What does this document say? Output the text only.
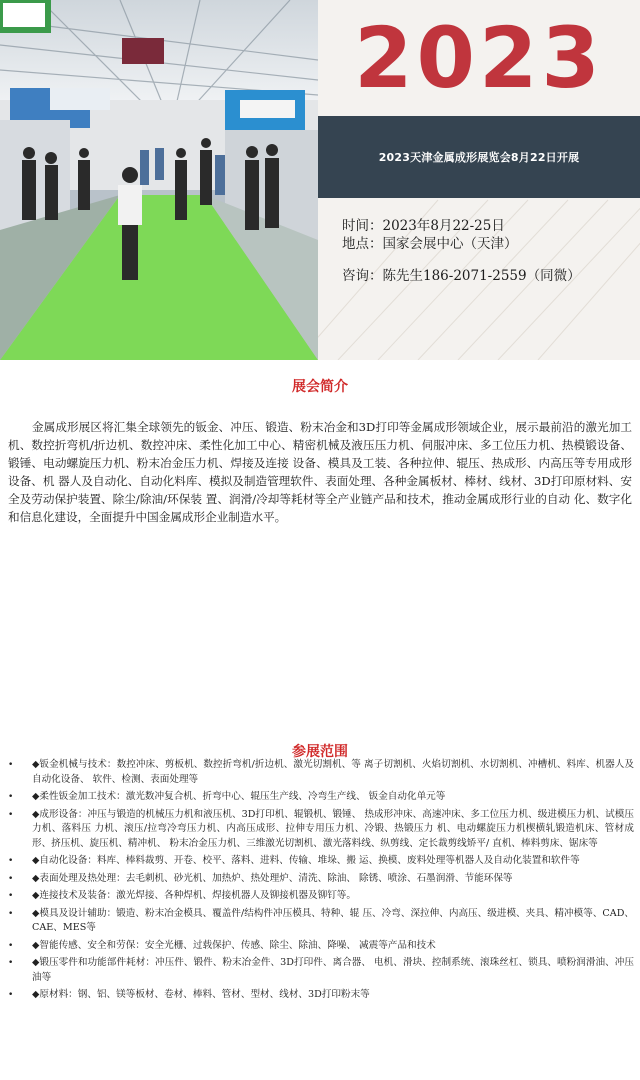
2023
2023天津金属成形展览会8月22日开展
时间：2023年8月22-25日
地点：国家会展中心（天津）
咨询：陈先生186-2071-2559（同微）
展会简介
金属成形展区将汇集全球领先的钣金、冲压、锻造、粉末冶金和3D打印等金属成形领域企业，展示最前沿的激光加工机、数控折弯机/折边机、数控冲床、柔性化加工中心、精密机械及液压压力机、伺服冲床、多工位压力机、热模锻设备、锻锤、电动螺旋压力机、粉末冶金压力机、焊接及连接 设备、模具及工装、各种拉伸、辊压、热成形、内高压等专用成形设备、机 器人及自动化、自动化料库、模拟及制造管理软件、表面处理、各种金属板材、棒材、线材、3D打印原材料、安全及劳动保护装置、除尘/除油/环保装 置、润滑/冷却等耗材等全产业链产品和技术，推动金属成形行业的自动 化、数字化和信息化建设，全面提升中国金属成形企业制造水平。
参展范围
• ◆钣金机械与技术：数控冲床、剪板机、数控折弯机/折边机、激光切割机、等 离子切割机、火焰切割机、水切割机、冲槽机、料库、机器人及自动化设备、 软件、检测、表面处理等
• ◆柔性钣金加工技术：激光数冲复合机、折弯中心、辊压生产线、冷弯生产线、 钣金自动化单元等
• ◆成形设备：冲压与锻造的机械压力机和液压机、3D打印机、辊锻机、锻锤、 热成形冲床、高速冲床、多工位压力机、级进模压力机、试模压力机、落料压 力机、滚压/拉弯冷弯压力机、内高压成形、拉伸专用压力机、冷锻、热锻压力 机、电动螺旋压力机楔横轧锻造机床、管材成形、挤压机、旋压机、精冲机、 粉末冶金压力机、三维激光切割机、激光落料线、纵剪线、定长裁剪线矫平/ 直机、棒料剪床、锯床等
• ◆自动化设备：料库、棒料裁剪、开卷、校平、落料、进料、传输、堆垛、搬 运、换模、废料处理等机器人及自动化装置和软件等
• ◆表面处理及热处理：去毛刺机、砂光机、加热炉、热处理炉、清洗、除油、 除锈、喷涂、石墨润滑、节能环保等
• ◆连接技术及装备：激光焊接、各种焊机、焊接机器人及铆接机器及铆钉等。
• ◆模具及设计辅助：锻造、粉末冶金模具、覆盖件/结构件冲压模具、特种、辊 压、冷弯、深拉伸、内高压、级进模、夹具、精冲模等、CAD、CAE、MES等
• ◆智能传感、安全和劳保：安全光栅、过载保护、传感、除尘、除油、降噪、 减震等产品和技术
• ◆锻压零件和功能部件耗材：冲压件、锻件、粉末冶金件、3D打印件、离合器、 电机、滑块、控制系统、滚珠丝杠、锁具、喷粉润滑油、冲压油等
• ◆原材料：钢、铝、镁等板材、卷材、棒料、管材、型材、线材、3D打印粉末等
